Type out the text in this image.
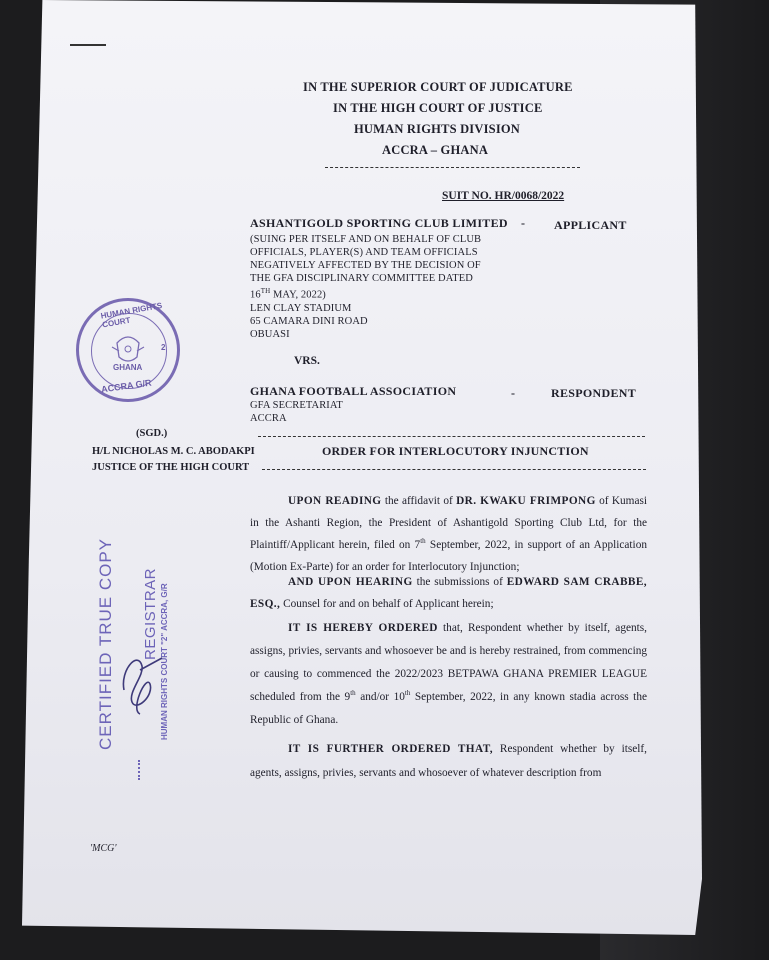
IN THE SUPERIOR COURT OF JUDICATURE

IN THE HIGH COURT OF JUSTICE

HUMAN RIGHTS DIVISION

ACCRA – GHANA

SUIT NO. HR/0068/2022

ASHANTIGOLD SPORTING CLUB LIMITED - APPLICANT

(SUING PER ITSELF AND ON BEHALF OF CLUB
OFFICIALS, PLAYER(S) AND TEAM OFFICIALS
NEGATIVELY AFFECTED BY THE DECISION OF
THE GFA DISCIPLINARY COMMITTEE DATED
16TH MAY, 2022)
LEN CLAY STADIUM
65 CAMARA DINI ROAD
OBUASI

VRS.

GHANA FOOTBALL ASSOCIATION	-	RESPONDENT

GFA SECRETARIAT
ACCRA

(SGD.)

H/L NICHOLAS M. C. ABODAKPI	ORDER FOR INTERLOCUTORY INJUNCTION

JUSTICE OF THE HIGH COURT

UPON READING the affidavit of DR. KWAKU FRIMPONG of Kumasi in the Ashanti Region, the President of Ashantigold Sporting Club Ltd, for the Plaintiff/Applicant herein, filed on 7th September, 2022, in support of an Application (Motion Ex-Parte) for an order for Interlocutory Injunction;
AND UPON HEARING the submissions of EDWARD SAM CRABBE, ESQ., Counsel for and on behalf of Applicant herein;
IT IS HEREBY ORDERED that, Respondent whether by itself, agents, assigns, privies, servants and whosoever be and is hereby restrained, from commencing or causing to commenced the 2022/2023 BETPAWA GHANA PREMIER LEAGUE scheduled from the 9th and/or 10th September, 2022, in any known stadia across the Republic of Ghana.
IT IS FURTHER ORDERED THAT, Respondent whether by itself, agents, assigns, privies, servants and whosoever of whatever description from
HUMAN RIGHTS COURT
GHANA
2
ACCRA G/R
CERTIFIED TRUE COPY REGISTRAR HUMAN RIGHTS COURT "2" ACCRA, G/R

'MCG'
